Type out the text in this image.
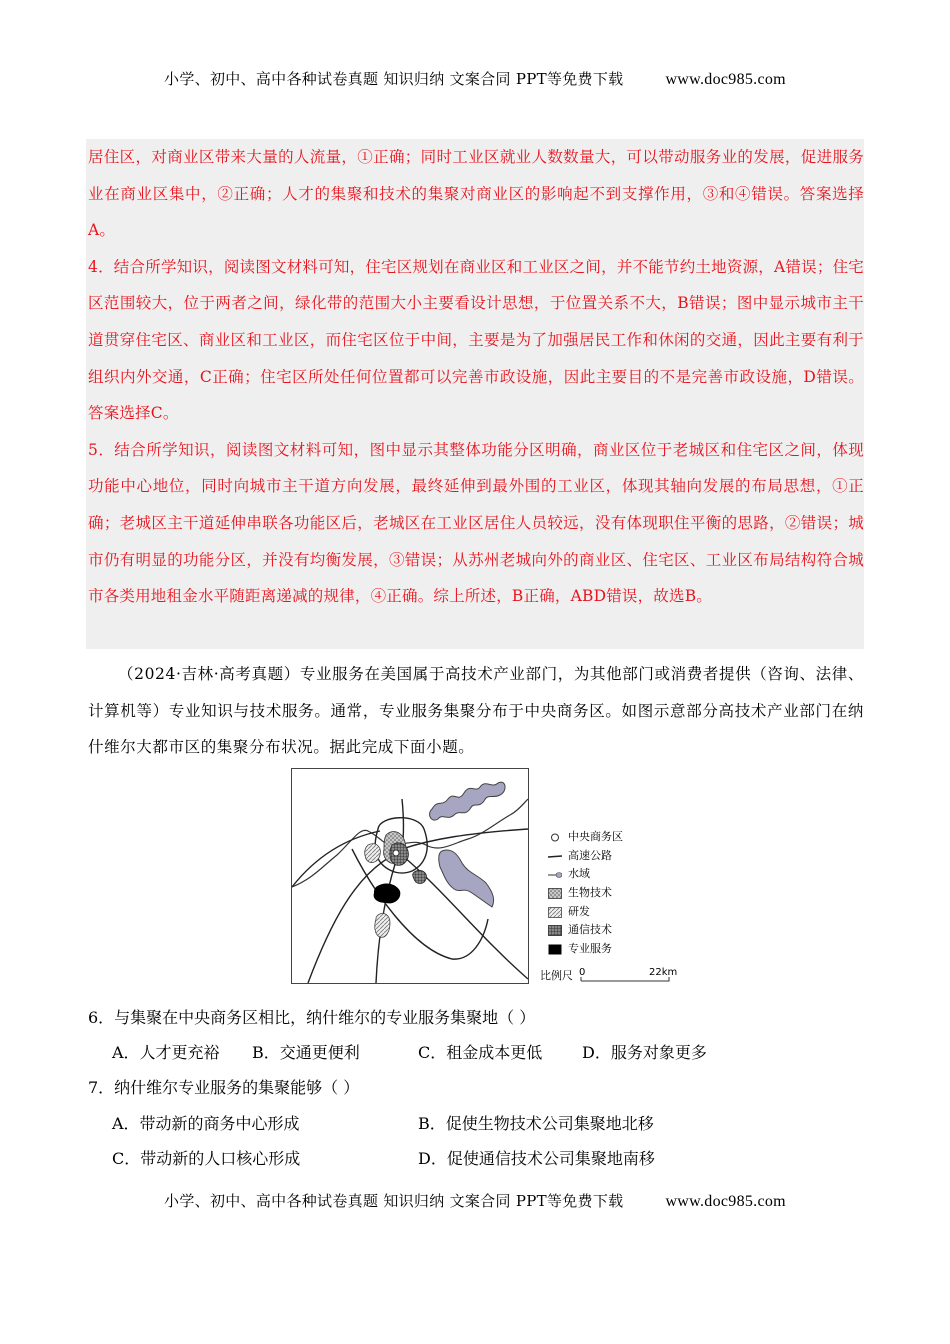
小学、初中、高中各种试卷真题 知识归纳 文案合同 PPT等免费下载	www.doc985.com

居住区，对商业区带来大量的人流量，①正确；同时工业区就业人数数量大，可以带动服务业的发展，促进服务业在商业区集中，②正确；人才的集聚和技术的集聚对商业区的影响起不到支撑作用，③和④错误。答案选择A。

4．结合所学知识，阅读图文材料可知，住宅区规划在商业区和工业区之间，并不能节约土地资源，A错误；住宅区范围较大，位于两者之间，绿化带的范围大小主要看设计思想，于位置关系不大，B错误；图中显示城市主干道贯穿住宅区、商业区和工业区，而住宅区位于中间，主要是为了加强居民工作和休闲的交通，因此主要有利于组织内外交通，C正确；住宅区所处任何位置都可以完善市政设施，因此主要目的不是完善市政设施，D错误。答案选择C。

5．结合所学知识，阅读图文材料可知，图中显示其整体功能分区明确，商业区位于老城区和住宅区之间，体现功能中心地位，同时向城市主干道方向发展，最终延伸到最外围的工业区，体现其轴向发展的布局思想，①正确；老城区主干道延伸串联各功能区后，老城区在工业区居住人员较远，没有体现职住平衡的思路，②错误；城市仍有明显的功能分区，并没有均衡发展，③错误；从苏州老城向外的商业区、住宅区、工业区布局结构符合城市各类用地租金水平随距离递减的规律，④正确。综上所述，B正确，ABD错误，故选B。

（2024·吉林·高考真题）专业服务在美国属于高技术产业部门，为其他部门或消费者提供（咨询、法律、计算机等）专业知识与技术服务。通常，专业服务集聚分布于中央商务区。如图示意部分高技术产业部门在纳什维尔大都市区的集聚分布状况。据此完成下面小题。
中央商务区
高速公路
水域
生物技术
研发
通信技术
专业服务
比例尺 0	22km
6．与集聚在中央商务区相比，纳什维尔的专业服务集聚地（ ）
A．人才更充裕 B．交通更便利	C．租金成本更低 D．服务对象更多
7．纳什维尔专业服务的集聚能够（ ）
A．带动新的商务中心形成	B．促使生物技术公司集聚地北移
C．带动新的人口核心形成	D．促使通信技术公司集聚地南移
小学、初中、高中各种试卷真题 知识归纳 文案合同 PPT等免费下载	www.doc985.com
